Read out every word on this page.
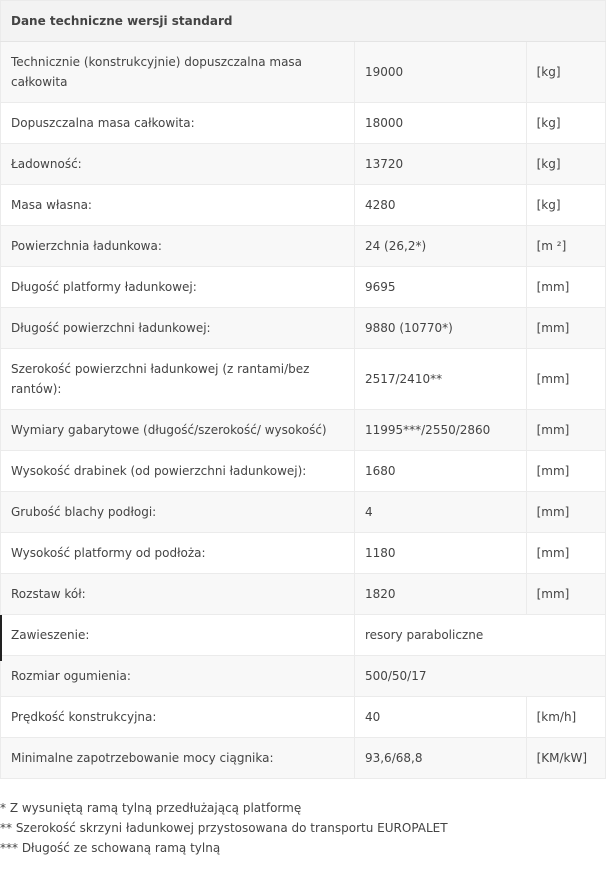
Dane techniczne wersji standard		
Technicznie (konstrukcyjnie) dopuszczalna masa całkowita	19000	[kg]
Dopuszczalna masa całkowita:	18000	[kg]
Ładowność:	13720	[kg]
Masa własna:	4280	[kg]
Powierzchnia ładunkowa:	24 (26,2*)	[m ²]
Długość platformy ładunkowej:	9695	[mm]
Długość powierzchni ładunkowej:	9880 (10770*)	[mm]
Szerokość powierzchni ładunkowej (z rantami/bez rantów):	2517/2410**	[mm]
Wymiary gabarytowe (długość/szerokość/ wysokość)	11995***/2550/2860	[mm]
Wysokość drabinek (od powierzchni ładunkowej):	1680	[mm]
Grubość blachy podłogi:	4	[mm]
Wysokość platformy od podłoża:	1180	[mm]
Rozstaw kół:	1820	[mm]
Zawieszenie:	resory paraboliczne	
Rozmiar ogumienia:	500/50/17	
Prędkość konstrukcyjna:	40	[km/h]
Minimalne zapotrzebowanie mocy ciągnika:	93,6/68,8	[KM/kW]
* Z wysuniętą ramą tylną przedłużającą platformę
** Szerokość skrzyni ładunkowej przystosowana do transportu EUROPALET
*** Długość ze schowaną ramą tylną
